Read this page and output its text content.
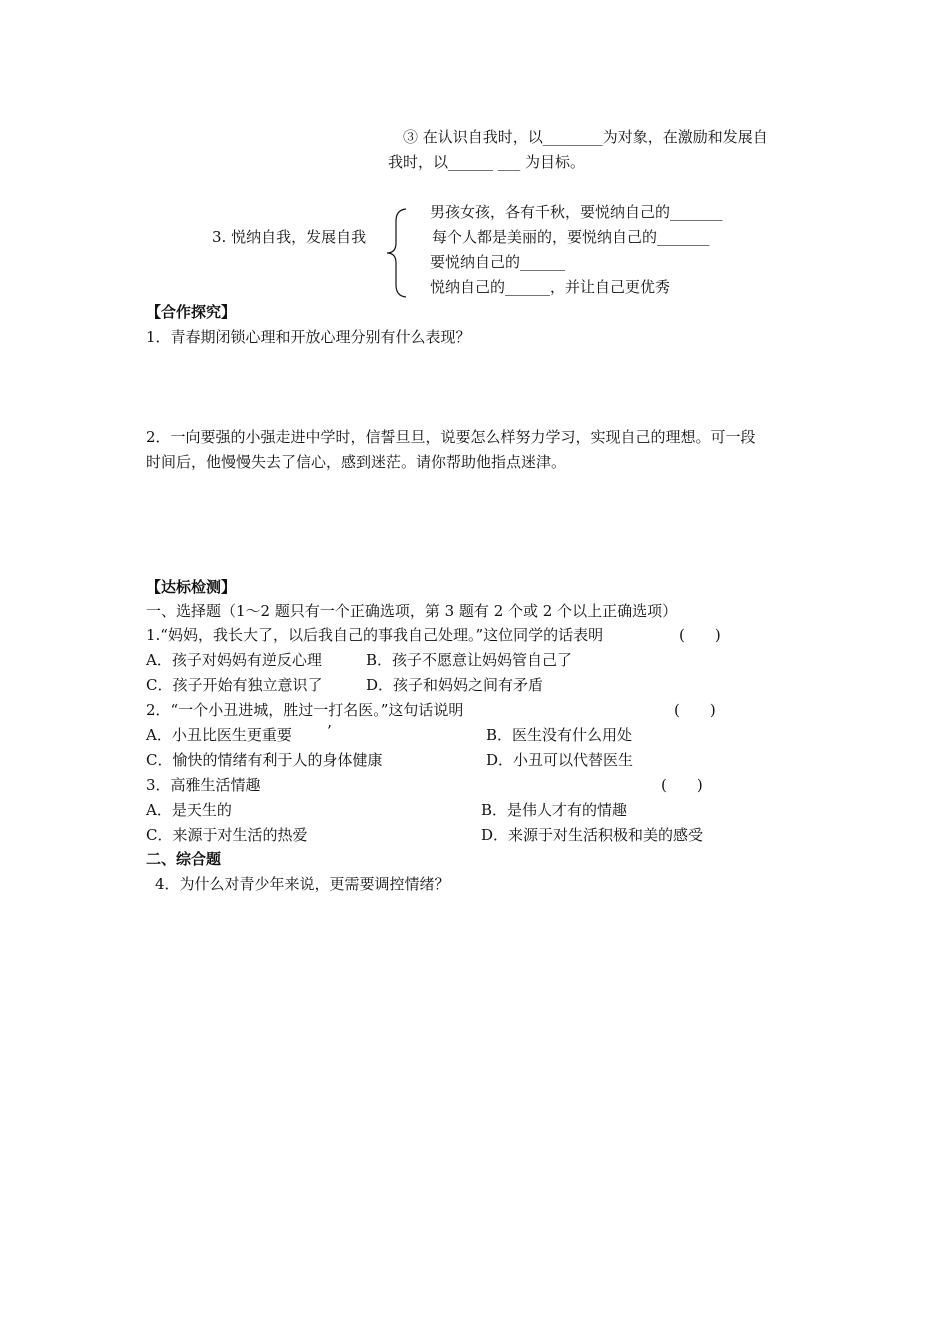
③ 在认识自我时，以________为对象，在激励和发展自
我时，以______ ___ 为目标。
3. 悦纳自我，发展自我
男孩女孩，各有千秋，要悦纳自己的_______
每个人都是美丽的，要悦纳自己的_______
要悦纳自己的______
悦纳自己的______，并让自己更优秀
【合作探究】
1．青春期闭锁心理和开放心理分别有什么表现？
2．一向要强的小强走进中学时，信誓旦旦，说要怎么样努力学习，实现自己的理想。可一段
时间后，他慢慢失去了信心，感到迷茫。请你帮助他指点迷津。
【达标检测】
一、选择题（1～2 题只有一个正确选项，第 3 题有 2 个或 2 个以上正确选项）
1.“妈妈，我长大了，以后我自己的事我自己处理。”这位同学的话表明	(　　)
A．孩子对妈妈有逆反心理	B．孩子不愿意让妈妈管自己了
C．孩子开始有独立意识了	D．孩子和妈妈之间有矛盾
2．“一个小丑进城，胜过一打名医。”这句话说明	(　　)
A．小丑比医生更重要 ’	B．医生没有什么用处
C．愉快的情绪有利于人的身体健康	D．小丑可以代替医生
3．高雅生活情趣	(　　)
A．是天生的	B．是伟人才有的情趣
C．来源于对生活的热爱	D．来源于对生活积极和美的感受
二、综合题
4．为什么对青少年来说，更需要调控情绪？
